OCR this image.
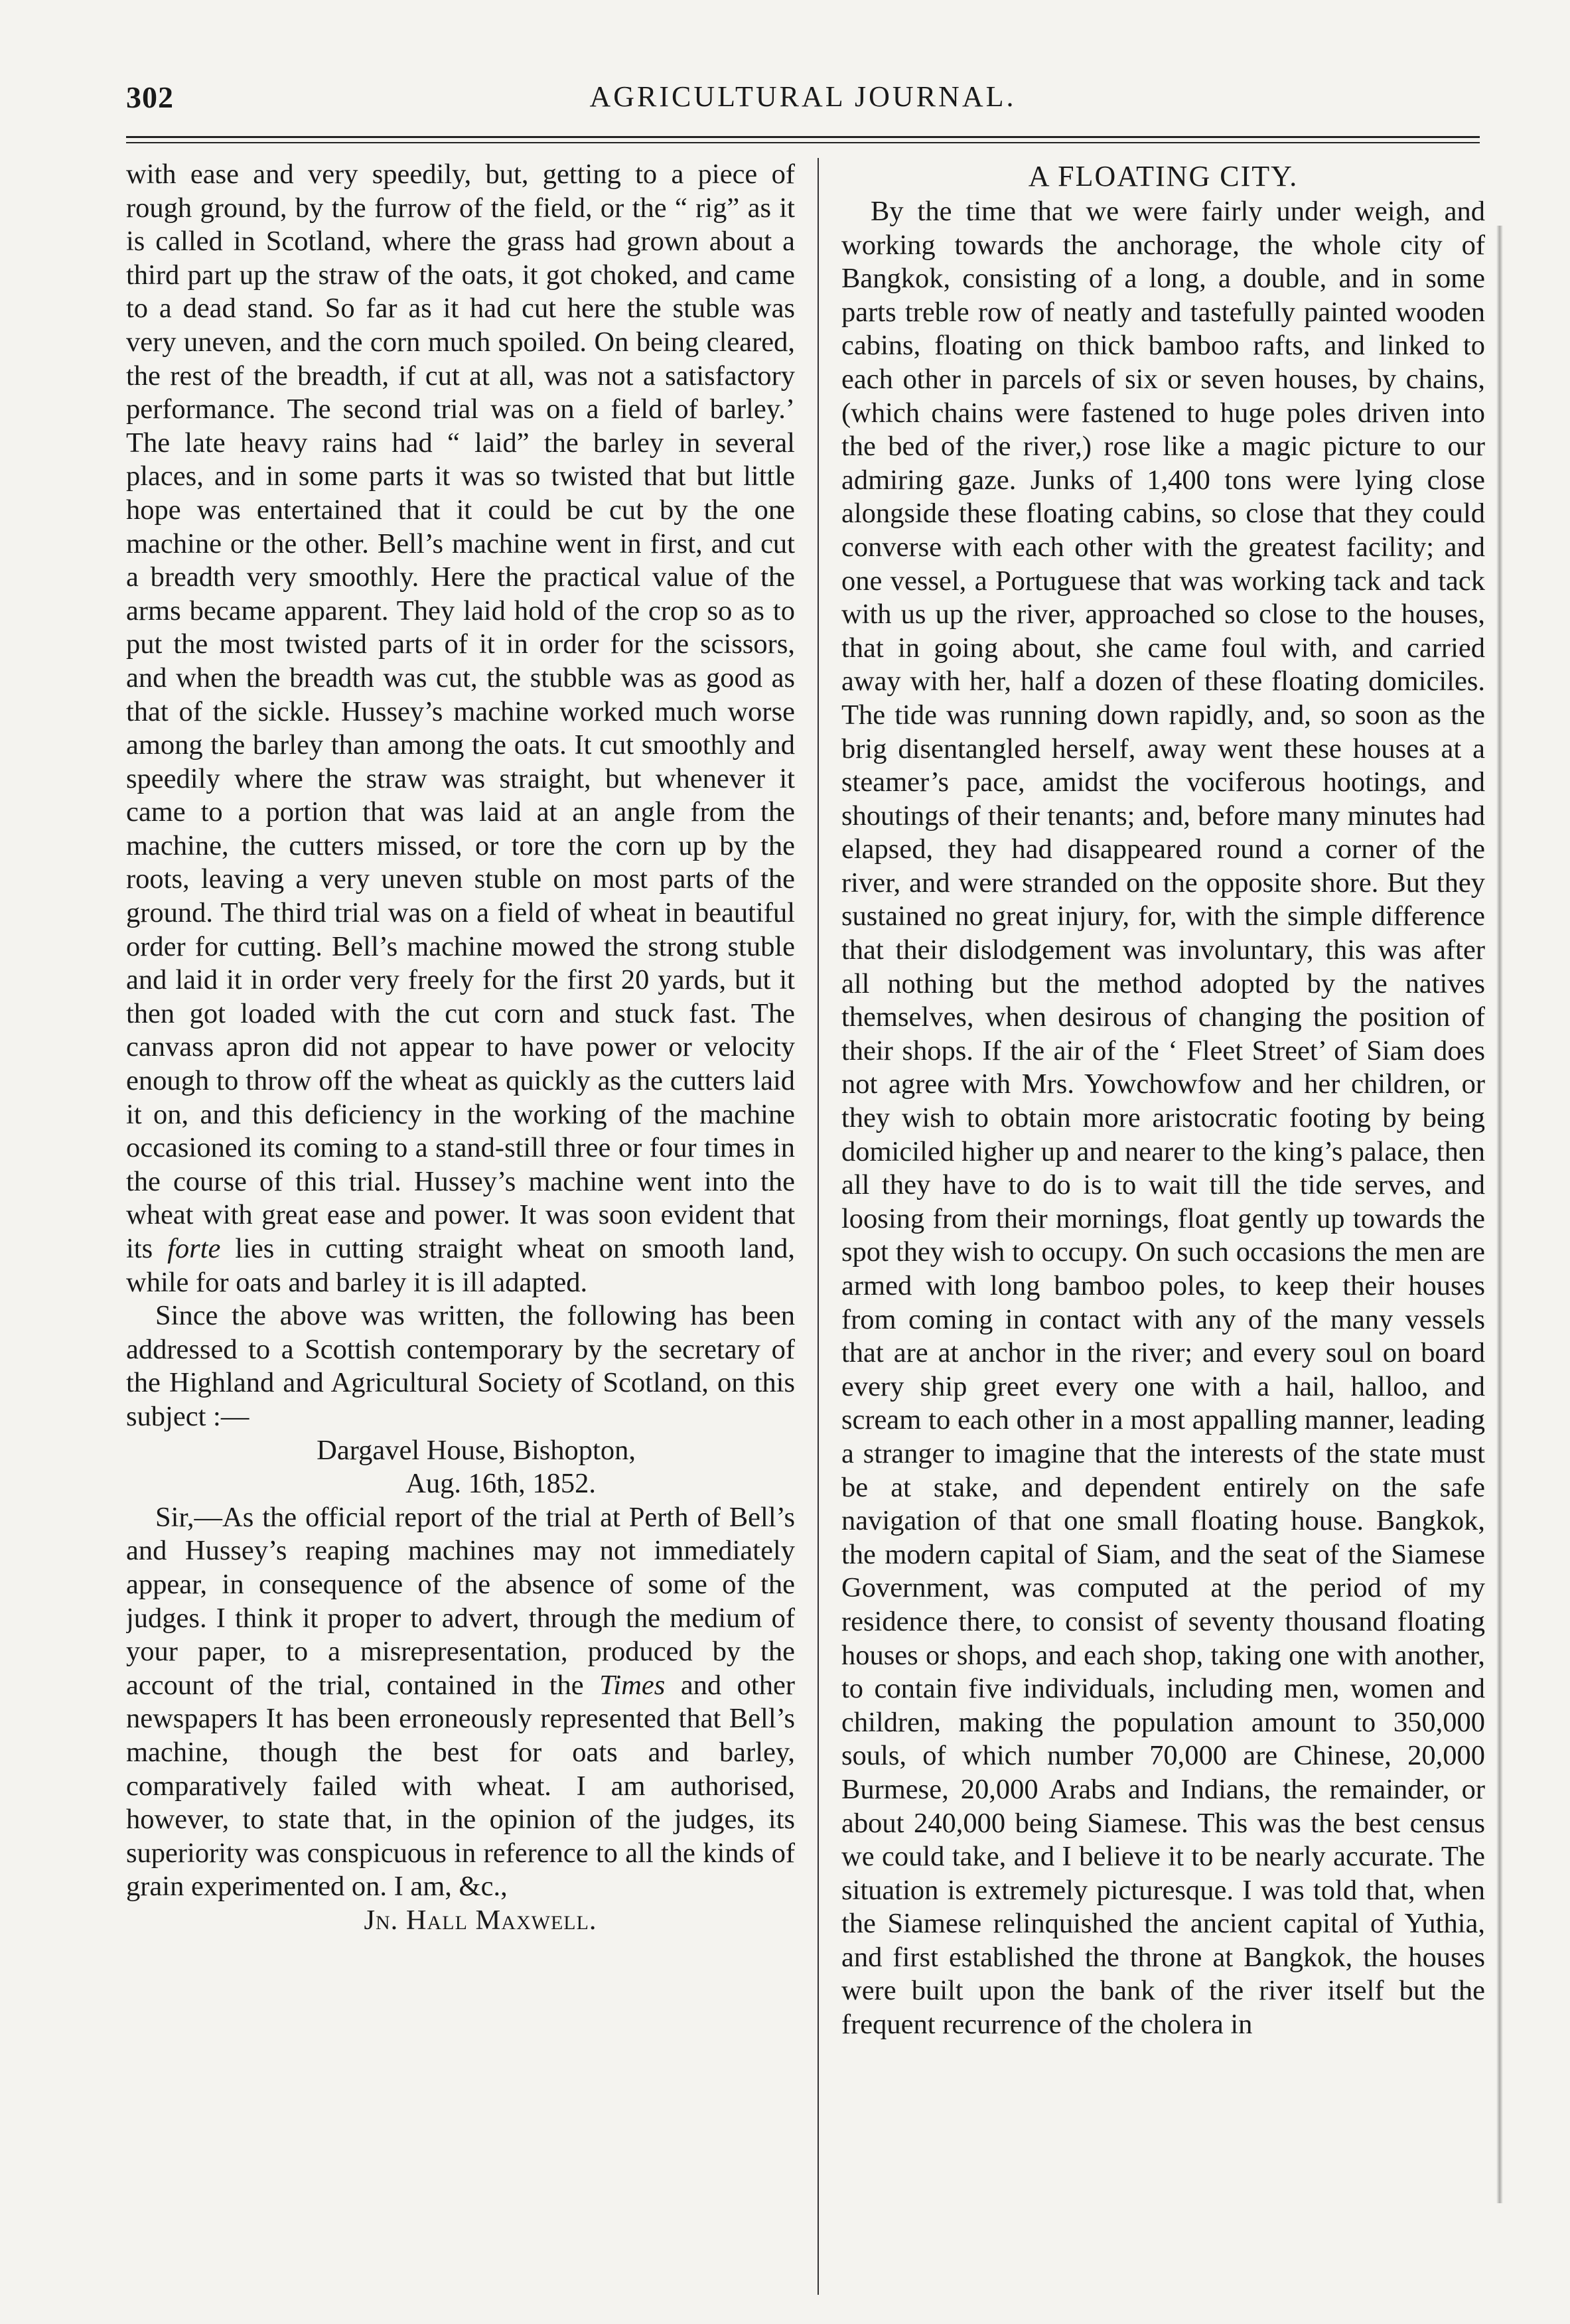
302	AGRICULTURAL JOURNAL.

with ease and very speedily, but, getting to a piece of rough ground, by the furrow of the field, or the “ rig” as it is called in Scotland, where the grass had grown about a third part up the straw of the oats, it got choked, and came to a dead stand. So far as it had cut here the stuble was very uneven, and the corn much spoiled. On being cleared, the rest of the breadth, if cut at all, was not a satisfactory performance. The second trial was on a field of barley.’ The late heavy rains had “ laid” the barley in several places, and in some parts it was so twisted that but little hope was entertained that it could be cut by the one machine or the other. Bell’s machine went in first, and cut a breadth very smoothly. Here the practical value of the arms became apparent. They laid hold of the crop so as to put the most twisted parts of it in order for the scissors, and when the breadth was cut, the stubble was as good as that of the sickle. Hussey’s machine worked much worse among the barley than among the oats. It cut smoothly and speedily where the straw was straight, but whenever it came to a portion that was laid at an angle from the machine, the cutters missed, or tore the corn up by the roots, leaving a very uneven stuble on most parts of the ground. The third trial was on a field of wheat in beautiful order for cutting. Bell’s machine mowed the strong stuble and laid it in order very freely for the first 20 yards, but it then got loaded with the cut corn and stuck fast. The canvass apron did not appear to have power or velocity enough to throw off the wheat as quickly as the cutters laid it on, and this deficiency in the working of the machine occasioned its coming to a stand-still three or four times in the course of this trial. Hussey’s machine went into the wheat with great ease and power. It was soon evident that its forte lies in cutting straight wheat on smooth land, while for oats and barley it is ill adapted.

Since the above was written, the following has been addressed to a Scottish contemporary by the secretary of the Highland and Agricultural Society of Scotland, on this subject :—

Dargavel House, Bishopton,

Aug. 16th, 1852.

Sir,—As the official report of the trial at Perth of Bell’s and Hussey’s reaping machines may not immediately appear, in consequence of the absence of some of the judges. I think it proper to advert, through the medium of your paper, to a misrepresentation, produced by the account of the trial, contained in the Times and other newspapers It has been erroneously represented that Bell’s machine, though the best for oats and barley, comparatively failed with wheat. I am authorised, however, to state that, in the opinion of the judges, its superiority was conspicuous in reference to all the kinds of grain experimented on. I am, &c.,

Jn. Hall Maxwell.

A FLOATING CITY.

By the time that we were fairly under weigh, and working towards the anchorage, the whole city of Bangkok, consisting of a long, a double, and in some parts treble row of neatly and tastefully painted wooden cabins, floating on thick bamboo rafts, and linked to each other in parcels of six or seven houses, by chains, (which chains were fastened to huge poles driven into the bed of the river,) rose like a magic picture to our admiring gaze. Junks of 1,400 tons were lying close alongside these floating cabins, so close that they could converse with each other with the greatest facility; and one vessel, a Portuguese that was working tack and tack with us up the river, approached so close to the houses, that in going about, she came foul with, and carried away with her, half a dozen of these floating domiciles. The tide was running down rapidly, and, so soon as the brig disentangled herself, away went these houses at a steamer’s pace, amidst the vociferous hootings, and shoutings of their tenants; and, before many minutes had elapsed, they had disappeared round a corner of the river, and were stranded on the opposite shore. But they sustained no great injury, for, with the simple difference that their dislodgement was involuntary, this was after all nothing but the method adopted by the natives themselves, when desirous of changing the position of their shops. If the air of the ‘ Fleet Street’ of Siam does not agree with Mrs. Yowchowfow and her children, or they wish to obtain more aristocratic footing by being domiciled higher up and nearer to the king’s palace, then all they have to do is to wait till the tide serves, and loosing from their mornings, float gently up towards the spot they wish to occupy. On such occasions the men are armed with long bamboo poles, to keep their houses from coming in contact with any of the many vessels that are at anchor in the river; and every soul on board every ship greet every one with a hail, halloo, and scream to each other in a most appalling manner, leading a stranger to imagine that the interests of the state must be at stake, and dependent entirely on the safe navigation of that one small floating house. Bangkok, the modern capital of Siam, and the seat of the Siamese Government, was computed at the period of my residence there, to consist of seventy thousand floating houses or shops, and each shop, taking one with another, to contain five individuals, including men, women and children, making the population amount to 350,000 souls, of which number 70,000 are Chinese, 20,000 Burmese, 20,000 Arabs and Indians, the remainder, or about 240,000 being Siamese. This was the best census we could take, and I believe it to be nearly accurate. The situation is extremely picturesque. I was told that, when the Siamese relinquished the ancient capital of Yuthia, and first established the throne at Bangkok, the houses were built upon the bank of the river itself but the frequent recurrence of the cholera in
